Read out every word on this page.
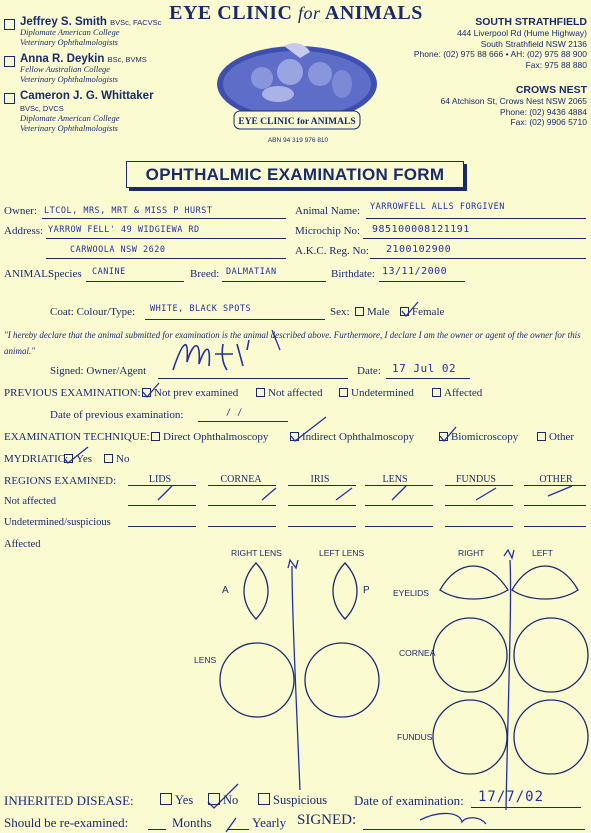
Jeffrey S. Smith BVSc, FACVSc
Diplomate American College
Veterinary Ophthalmologists
Anna R. Deykin BSc, BVMS
Fellow Australian College
Veterinary Ophthalmologists
Cameron J. G. Whittaker BVSc, DVCS
Diplomate American College
Veterinary Ophthalmologists
EYE CLINIC for ANIMALS
EYE CLINIC for ANIMALS
ABN 94 319 976 810
SOUTH STRATHFIELD
444 Liverpool Rd (Hume Highway)
South Strathfield NSW 2136
Phone: (02) 975 88 666 • AH: (02) 975 88 900
Fax: 975 88 880
CROWS NEST
64 Atchison St, Crows Nest NSW 2065
Phone: (02) 9436 4884
Fax: (02) 9906 5710
OPHTHALMIC EXAMINATION FORM
Owner: LTCOL, MRS, MRT & MISS P HURST	Animal Name: YARROWFELL ALLS FORGIVEN
Address: YARROW FELL' 49 WIDGIEWA RD
CARWOOLA NSW 2620
Microchip No: 985100008121191
A.K.C. Reg. No: 2100102900
ANIMAL:
Species CANINE	Breed: DALMATIAN	Birthdate: 13/11/2000
Coat: Colour/Type: WHITE, BLACK SPOTS	Sex:	Male	Female
"I hereby declare that the animal submitted for examination is the animal described above. Furthermore, I declare I am the owner or agent of the owner for this animal."
Signed: Owner/Agent	Date: 17 Jul 02
PREVIOUS EXAMINATION:	Not prev examined	Not affected	Undetermined	Affected
Date of previous examination:	/ /
EXAMINATION TECHNIQUE:	Direct Ophthalmoscopy	Indirect Ophthalmoscopy	Biomicroscopy	Other
MYDRIATIC: Yes	No
REGIONS EXAMINED:	LIDS	CORNEA	IRIS	LENS	FUNDUS	OTHER
Not affected
Undetermined/suspicious
Affected
RIGHT LENS	LEFT LENS
A	P
RIGHT	LEFT
EYELIDS
LENS
CORNEA
FUNDUS
INHERITED DISEASE:	Yes	No	Suspicious Date of examination: 17/7/02
Should be re-examined:	Months	Yearly SIGNED:
